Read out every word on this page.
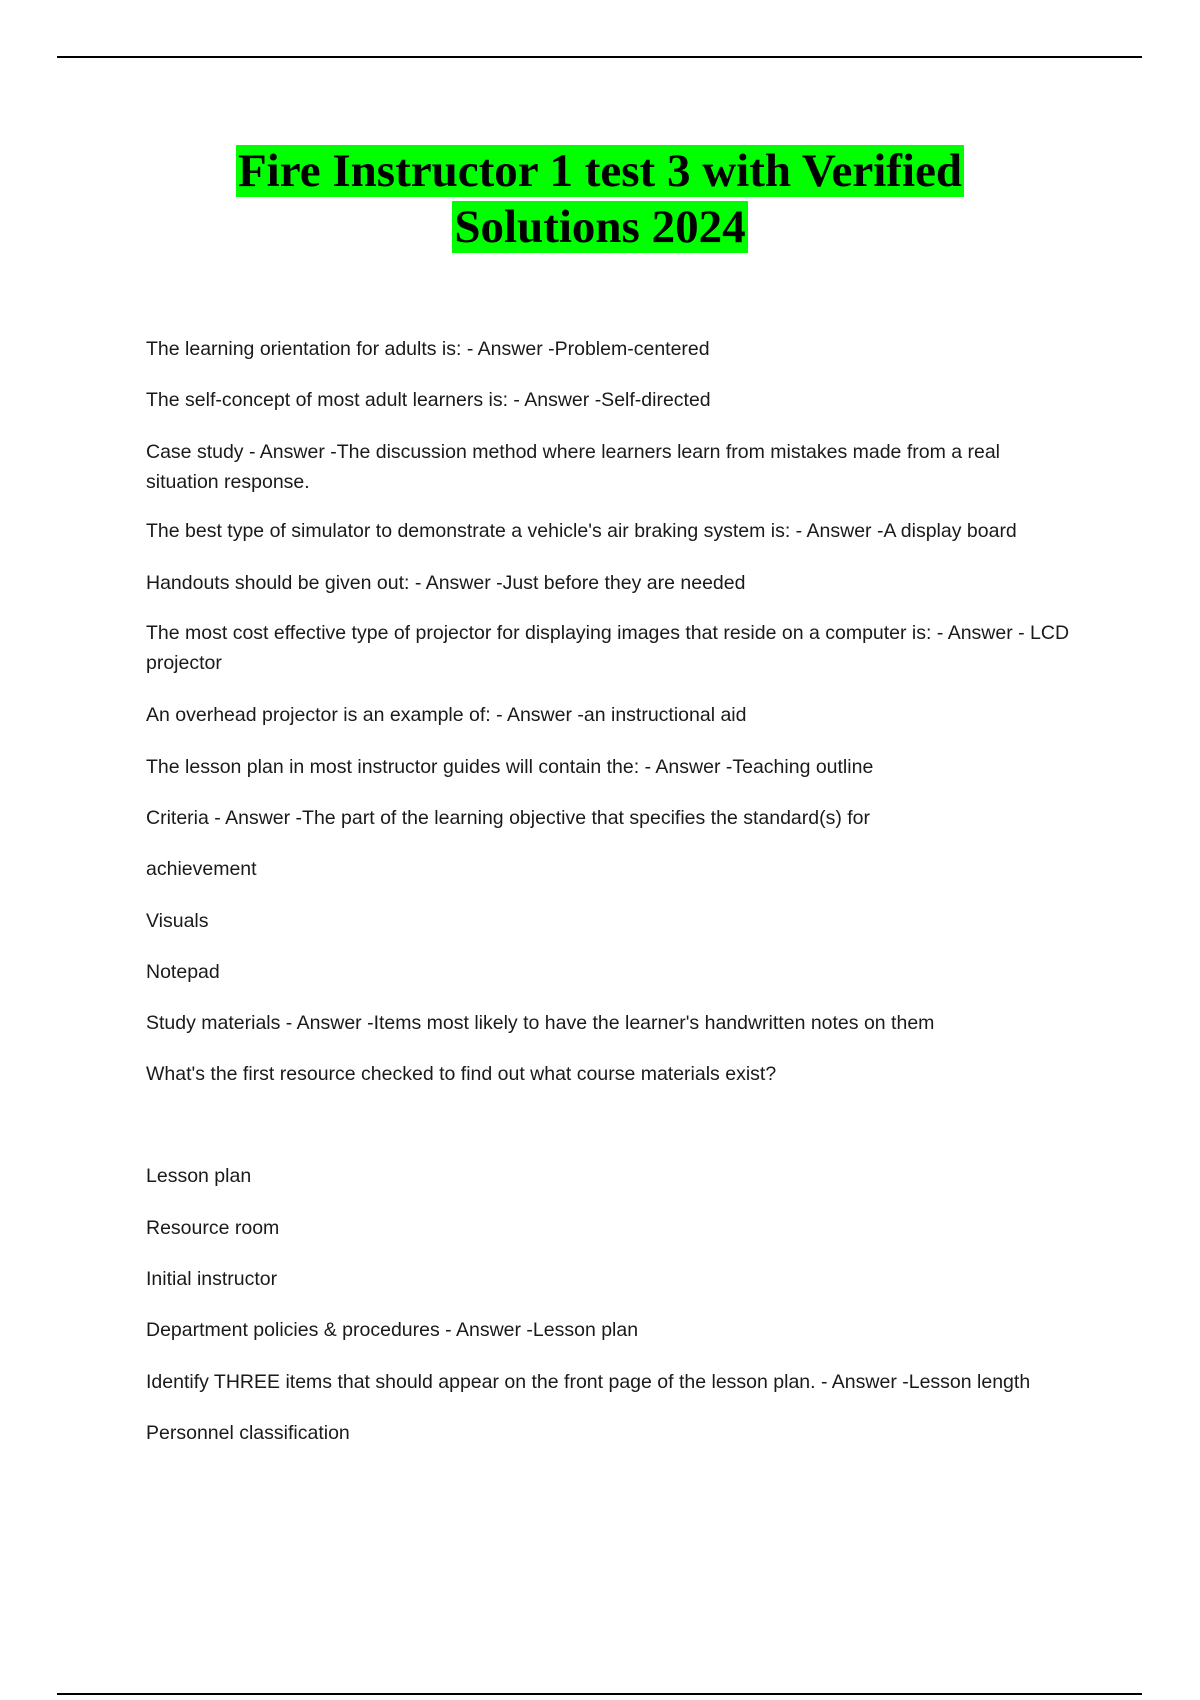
Fire Instructor 1 test 3 with Verified
Solutions 2024

The learning orientation for adults is: - Answer -Problem-centered

The self-concept of most adult learners is: - Answer -Self-directed

Case study - Answer -The discussion method where learners learn from mistakes made from a real situation response.

The best type of simulator to demonstrate a vehicle's air braking system is: - Answer -A display board

Handouts should be given out: - Answer -Just before they are needed

The most cost effective type of projector for displaying images that reside on a computer is: - Answer - LCD projector

An overhead projector is an example of: - Answer -an instructional aid

The lesson plan in most instructor guides will contain the: - Answer -Teaching outline

Criteria - Answer -The part of the learning objective that specifies the standard(s) for

achievement

Visuals

Notepad

Study materials - Answer -Items most likely to have the learner's handwritten notes on them

What's the first resource checked to find out what course materials exist?

Lesson plan

Resource room

Initial instructor

Department policies & procedures - Answer -Lesson plan

Identify THREE items that should appear on the front page of the lesson plan. - Answer -Lesson length

Personnel classification
